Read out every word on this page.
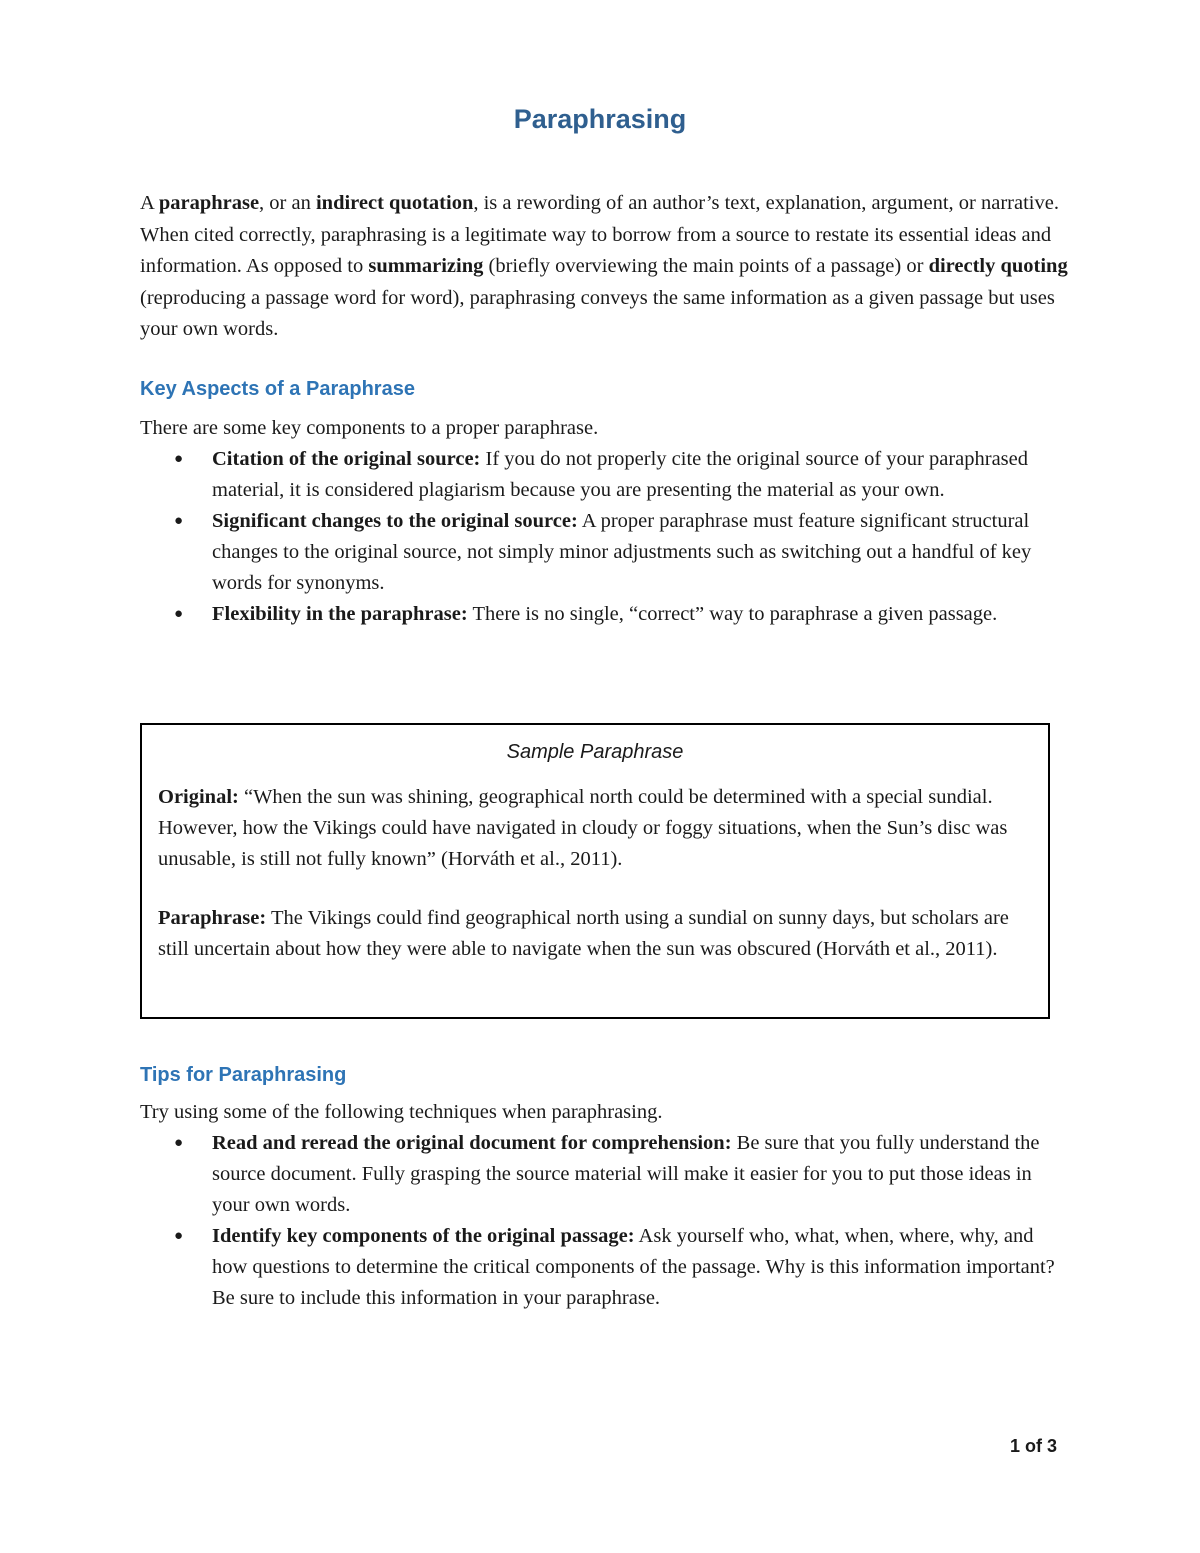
Paraphrasing

A paraphrase, or an indirect quotation, is a rewording of an author’s text, explanation, argument, or narrative. When cited correctly, paraphrasing is a legitimate way to borrow from a source to restate its essential ideas and information. As opposed to summarizing (briefly overviewing the main points of a passage) or directly quoting (reproducing a passage word for word), paraphrasing conveys the same information as a given passage but uses your own words.

Key Aspects of a Paraphrase

There are some key components to a proper paraphrase.

● Citation of the original source: If you do not properly cite the original source of your paraphrased material, it is considered plagiarism because you are presenting the material as your own.
● Significant changes to the original source: A proper paraphrase must feature significant structural changes to the original source, not simply minor adjustments such as switching out a handful of key words for synonyms.
● Flexibility in the paraphrase: There is no single, “correct” way to paraphrase a given passage.

Sample Paraphrase

Original: “When the sun was shining, geographical north could be determined with a special sundial. However, how the Vikings could have navigated in cloudy or foggy situations, when the Sun’s disc was unusable, is still not fully known” (Horváth et al., 2011).

Paraphrase: The Vikings could find geographical north using a sundial on sunny days, but scholars are still uncertain about how they were able to navigate when the sun was obscured (Horváth et al., 2011).

Tips for Paraphrasing

Try using some of the following techniques when paraphrasing.

● Read and reread the original document for comprehension: Be sure that you fully understand the source document. Fully grasping the source material will make it easier for you to put those ideas in your own words.
● Identify key components of the original passage: Ask yourself who, what, when, where, why, and how questions to determine the critical components of the passage. Why is this information important? Be sure to include this information in your paraphrase.

1 of 3
